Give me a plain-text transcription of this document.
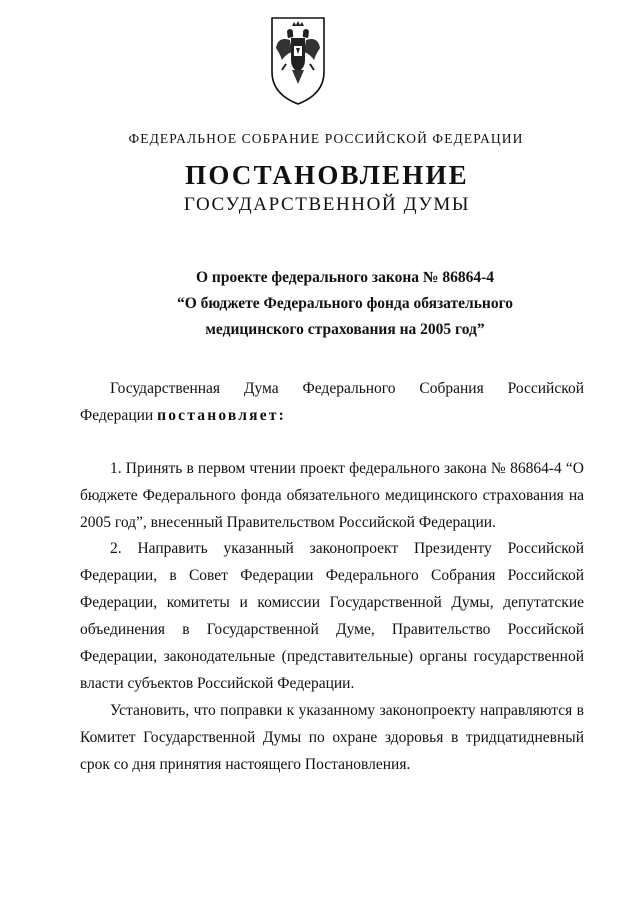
ФЕДЕРАЛЬНОЕ СОБРАНИЕ РОССИЙСКОЙ ФЕДЕРАЦИИ
ПОСТАНОВЛЕНИЕ
ГОСУДАРСТВЕННОЙ ДУМЫ
О проекте федерального закона № 86864-4
“О бюджете Федерального фонда обязательного
медицинского страхования на 2005 год”
Государственная Дума Федерального Собрания Российской
Федерации постановляет:
1. Принять в первом чтении проект федерального закона № 86864-4 “О
бюджете Федерального фонда обязательного медицинского страхования на
2005 год”, внесенный Правительством Российской Федерации.
2. Направить указанный законопроект Президенту Российской
Федерации, в Совет Федерации Федерального Собрания Российской
Федерации, комитеты и комиссии Государственной Думы, депутатские
объединения в Государственной Думе, Правительство Российской
Федерации, законодательные (представительные) органы государственной
власти субъектов Российской Федерации.
Установить, что поправки к указанному законопроекту направляются в
Комитет Государственной Думы по охране здоровья в тридцатидневный
срок со дня принятия настоящего Постановления.
